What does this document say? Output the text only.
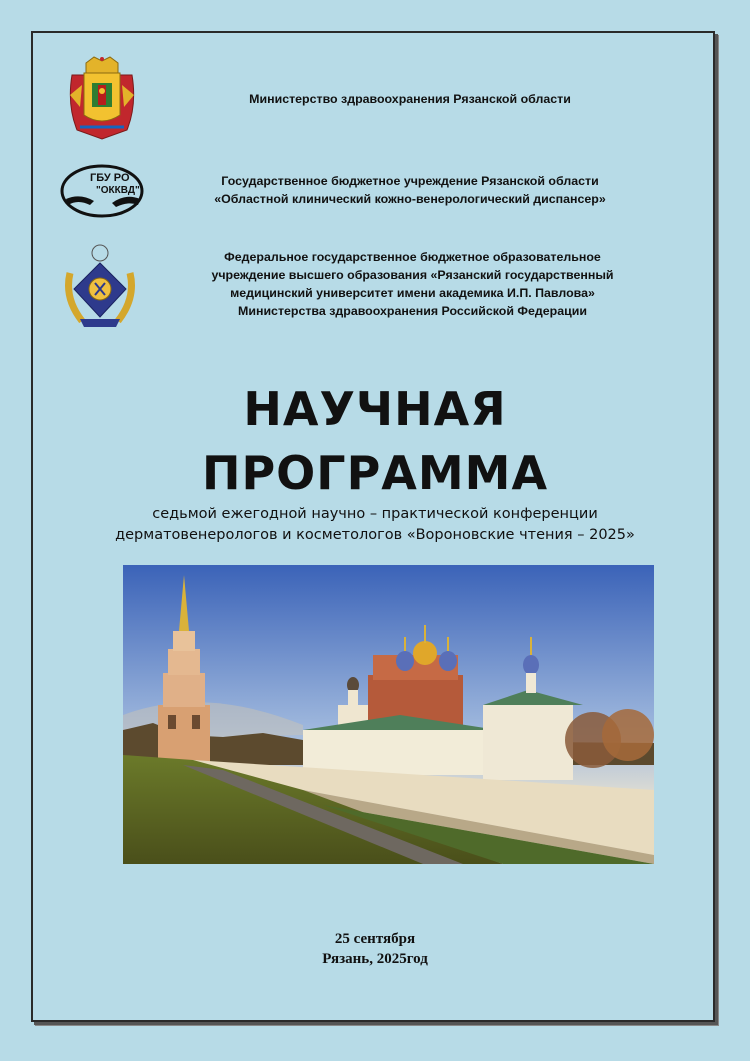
Министерство здравоохранения Рязанской области
ГБУ РО
"ОККВД"
Государственное бюджетное учреждение Рязанской области
«Областной клинический кожно-венерологический диспансер»
Федеральное государственное бюджетное образовательное
учреждение высшего образования «Рязанский государственный
медицинский университет имени академика И.П. Павлова»
Министерства здравоохранения Российской Федерации
НАУЧНАЯ
ПРОГРАММА
седьмой ежегодной научно – практической конференции
дерматовенерологов и косметологов «Вороновские чтения – 2025»
25 сентября
Рязань, 2025год
